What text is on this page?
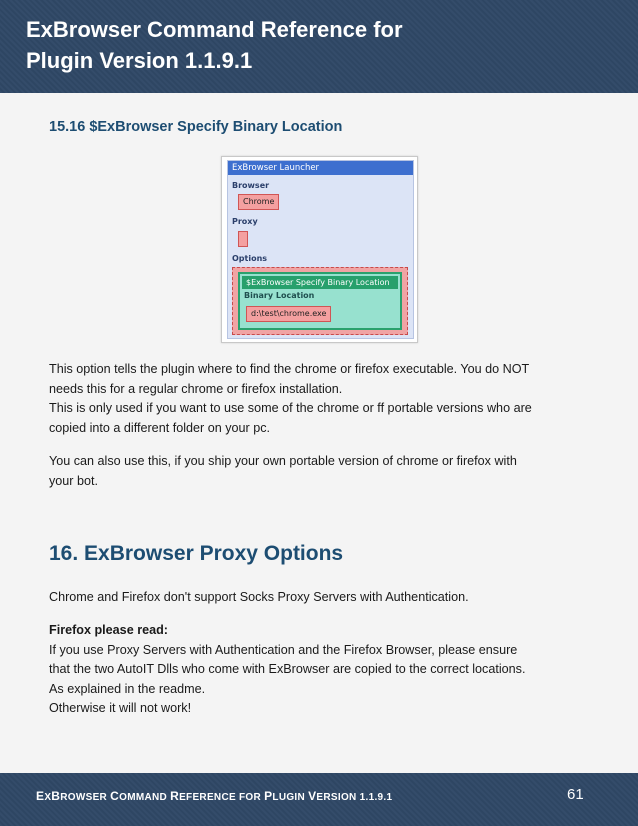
ExBrowser Command Reference for
Plugin Version 1.1.9.1
15.16 $ExBrowser Specify Binary Location
ExBrowser Launcher
Browser
Chrome
Proxy
Options
$ExBrowser Specify Binary Location
Binary Location
d:\test\chrome.exe

This option tells the plugin where to find the chrome or firefox executable. You do NOT
needs this for a regular chrome or firefox installation.
This is only used if you want to use some of the chrome or ff portable versions who are
copied into a different folder on your pc.

You can also use this, if you ship your own portable version of chrome or firefox with
your bot.

16. ExBrowser Proxy Options

Chrome and Firefox don't support Socks Proxy Servers with Authentication.

Firefox please read:
If you use Proxy Servers with Authentication and the Firefox Browser, please ensure
that the two AutoIT Dlls who come with ExBrowser are copied to the correct locations.
As explained in the readme.
Otherwise it will not work!

EXBROWSER COMMAND REFERENCE FOR PLUGIN VERSION 1.1.9.1	61
